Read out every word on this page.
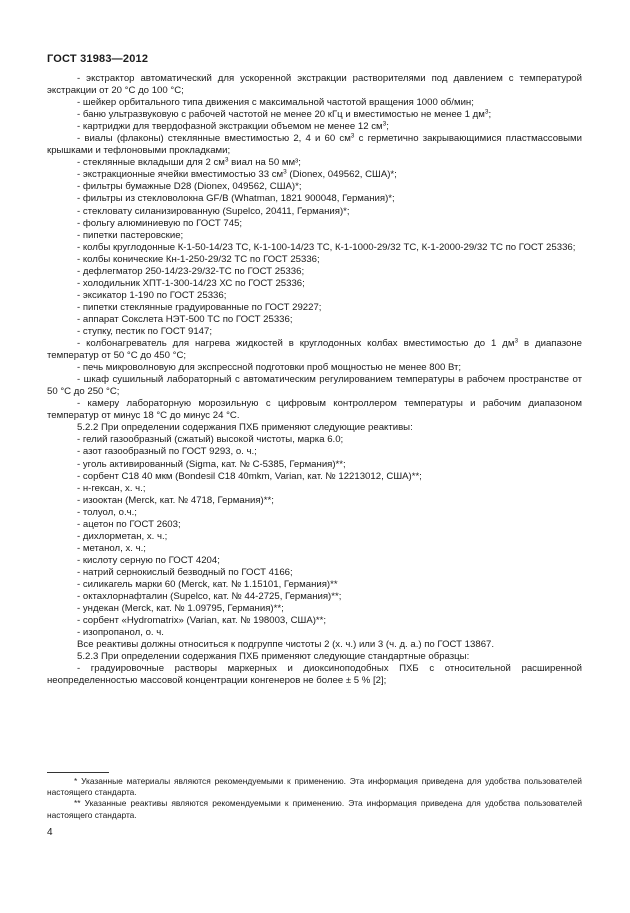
ГОСТ 31983—2012

- экстрактор автоматический для ускоренной экстракции растворителями под давлением с температурой экстракции от 20 °С до 100 °С;

- шейкер орбитального типа движения с максимальной частотой вращения 1000 об/мин;

- баню ультразвуковую с рабочей частотой не менее 20 кГц и вместимостью не менее 1 $дм^3$;

- картриджи для твердофазной экстракции объемом не менее 12 $см^3$;

- виалы (флаконы) стеклянные вместимостью 2, 4 и 60 $см^3$ с герметично закрывающимися пластмассовыми крышками и тефлоновыми прокладками;

- стеклянные вкладыши для 2 $см^3$ виал на 50 мм³;

- экстракционные ячейки вместимостью 33 $см^3$ (Dionex, 049562, США)*;

- фильтры бумажные D28 (Dionex, 049562, США)*;

- фильтры из стекловолокна GF/B (Whatman, 1821 900048, Германия)*;

- стекловату силанизированную (Supelco, 20411, Германия)*;

- фольгу алюминиевую по ГОСТ 745;

- пипетки пастеровские;

- колбы круглодонные К-1-50-14/23 ТС, К-1-100-14/23 ТС, К-1-1000-29/32 ТС, К-1-2000-29/32 ТС по ГОСТ 25336;

- колбы конические Кн-1-250-29/32 ТС по ГОСТ 25336;

- дефлегматор 250-14/23-29/32-ТС по ГОСТ 25336;

- холодильник ХПТ-1-300-14/23 ХС по ГОСТ 25336;

- эксикатор 1-190 по ГОСТ 25336;

- пипетки стеклянные градуированные по ГОСТ 29227;

- аппарат Сокслета НЭТ-500 ТС по ГОСТ 25336;

- ступку, пестик по ГОСТ 9147;

- колбонагреватель для нагрева жидкостей в круглодонных колбах вместимостью до 1 $дм^3$ в диапазоне температур от 50 °С до 450 °С;

- печь микроволновую для экспрессной подготовки проб мощностью не менее 800 Вт;

- шкаф сушильный лабораторный с автоматическим регулированием температуры в рабочем пространстве от 50 °С до 250 °С;

- камеру лабораторную морозильную с цифровым контроллером температуры и рабочим диапазоном температур от минус 18 °С до минус 24 °С.

5.2.2 При определении содержания ПХБ применяют следующие реактивы:

- гелий газообразный (сжатый) высокой чистоты, марка 6.0;

- азот газообразный по ГОСТ 9293, о. ч.;

- уголь активированный (Sigma, кат. № С-5385, Германия)**;

- сорбент С18 40 мкм (Bondesil С18 40mkm, Varian, кат. № 12213012, США)**;

- н-гексан, х. ч.;

- изооктан (Merck, кат. № 4718, Германия)**;

- толуол, о.ч.;

- ацетон по ГОСТ 2603;

- дихлорметан, х. ч.;

- метанол, х. ч.;

- кислоту серную по ГОСТ 4204;

- натрий сернокислый безводный по ГОСТ 4166;

- силикагель марки 60 (Merck, кат. № 1.15101, Германия)**

- октахлорнафталин (Supelco, кат. № 44-2725, Германия)**;

- ундекан (Merck, кат. № 1.09795, Германия)**;

- сорбент «Hydromatrix» (Varian, кат. № 198003, США)**;

- изопропанол, о. ч.

Все реактивы должны относиться к подгруппе чистоты 2 (х. ч.) или 3 (ч. д. а.) по ГОСТ 13867.

5.2.3 При определении содержания ПХБ применяют следующие стандартные образцы:

- градуировочные растворы маркерных и диоксиноподобных ПХБ с относительной расширенной неопределенностью массовой концентрации конгенеров не более ± 5 % [2];

* Указанные материалы являются рекомендуемыми к применению. Эта информация приведена для удобства пользователей настоящего стандарта.

** Указанные реактивы являются рекомендуемыми к применению. Эта информация приведена для удобства пользователей настоящего стандарта.

4
